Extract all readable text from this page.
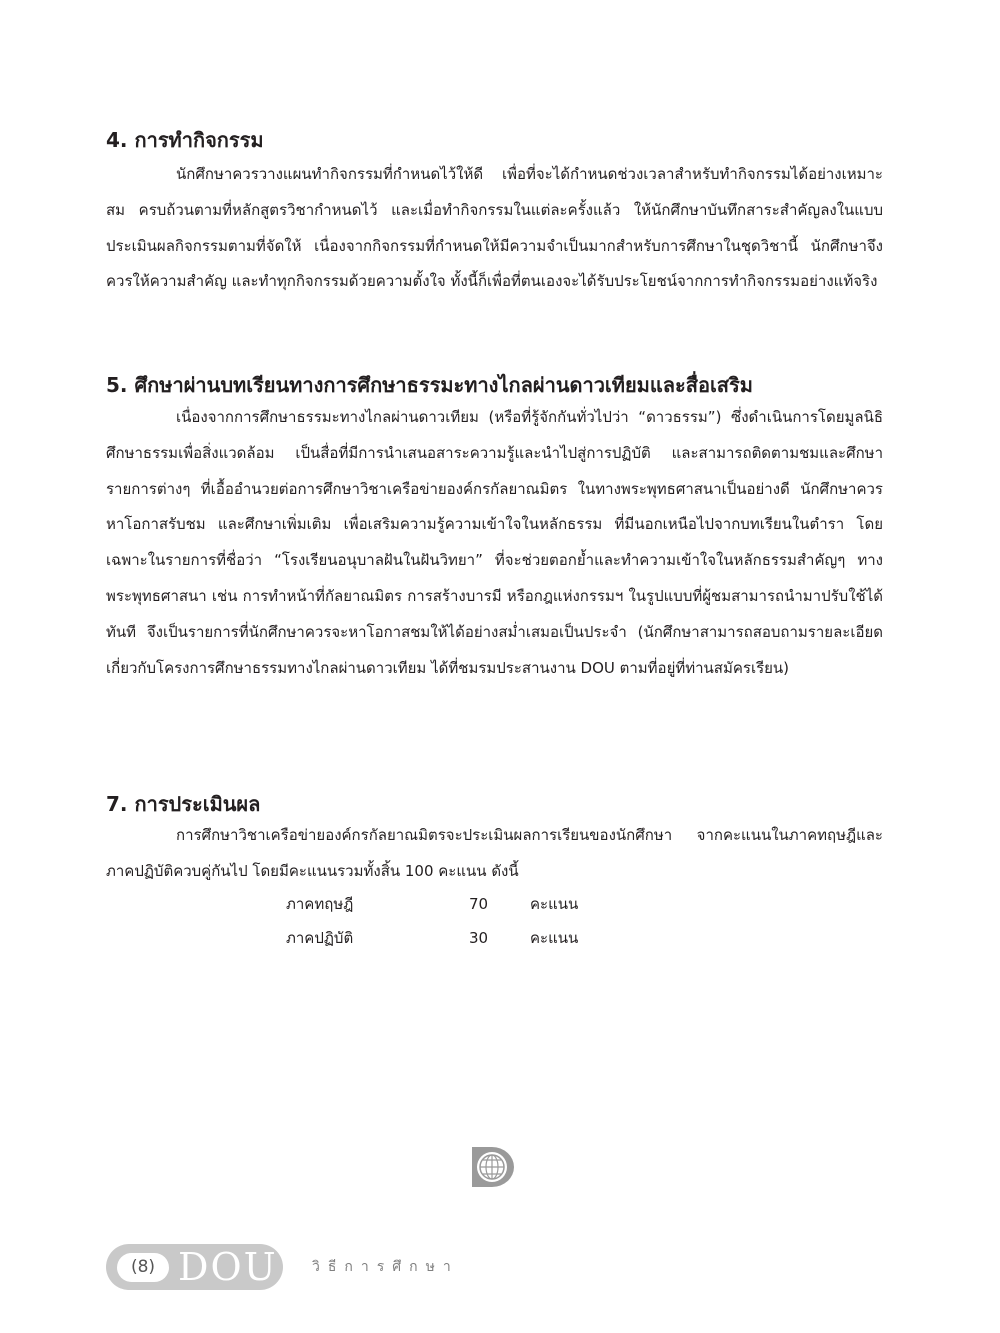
4. การทำกิจกรรม

นักศึกษาควรวางแผนทำกิจกรรมที่กำหนดไว้ให้ดี เพื่อที่จะได้กำหนดช่วงเวลาสำหรับทำกิจกรรมได้อย่างเหมาะสม ครบถ้วนตามที่หลักสูตรวิชากำหนดไว้ และเมื่อทำกิจกรรมในแต่ละครั้งแล้ว ให้นักศึกษาบันทึกสาระสำคัญลงในแบบประเมินผลกิจกรรมตามที่จัดให้ เนื่องจากกิจกรรมที่กำหนดให้มีความจำเป็นมากสำหรับการศึกษาในชุดวิชานี้ นักศึกษาจึงควรให้ความสำคัญ และทำทุกกิจกรรมด้วยความตั้งใจ ทั้งนี้ก็เพื่อที่ตนเองจะได้รับประโยชน์จากการทำกิจกรรมอย่างแท้จริง

5. ศึกษาผ่านบทเรียนทางการศึกษาธรรมะทางไกลผ่านดาวเทียมและสื่อเสริม

เนื่องจากการศึกษาธรรมะทางไกลผ่านดาวเทียม (หรือที่รู้จักกันทั่วไปว่า “ดาวธรรม”) ซึ่งดำเนินการโดยมูลนิธิศึกษาธรรมเพื่อสิ่งแวดล้อม เป็นสื่อที่มีการนำเสนอสาระความรู้และนำไปสู่การปฏิบัติ และสามารถติดตามชมและศึกษารายการต่างๆ ที่เอื้ออำนวยต่อการศึกษาวิชาเครือข่ายองค์กรกัลยาณมิตร ในทางพระพุทธศาสนาเป็นอย่างดี นักศึกษาควรหาโอกาสรับชม และศึกษาเพิ่มเติม เพื่อเสริมความรู้ความเข้าใจในหลักธรรม ที่มีนอกเหนือไปจากบทเรียนในตำรา โดยเฉพาะในรายการที่ชื่อว่า “โรงเรียนอนุบาลฝันในฝันวิทยา” ที่จะช่วยตอกย้ำและทำความเข้าใจในหลักธรรมสำคัญๆ ทางพระพุทธศาสนา เช่น การทำหน้าที่กัลยาณมิตร การสร้างบารมี หรือกฎแห่งกรรมฯ ในรูปแบบที่ผู้ชมสามารถนำมาปรับใช้ได้ทันที จึงเป็นรายการที่นักศึกษาควรจะหาโอกาสชมให้ได้อย่างสม่ำเสมอเป็นประจำ (นักศึกษาสามารถสอบถามรายละเอียดเกี่ยวกับโครงการศึกษาธรรมทางไกลผ่านดาวเทียม ได้ที่ชมรมประสานงาน DOU ตามที่อยู่ที่ท่านสมัครเรียน)

7. การประเมินผล

การศึกษาวิชาเครือข่ายองค์กรกัลยาณมิตรจะประเมินผลการเรียนของนักศึกษา จากคะแนนในภาคทฤษฎีและภาคปฏิบัติควบคู่กันไป โดยมีคะแนนรวมทั้งสิ้น 100 คะแนน ดังนี้

ภาคทฤษฎี	70	คะแนน
ภาคปฏิบัติ	30	คะแนน
(8) DOU วิธีการศึกษา
